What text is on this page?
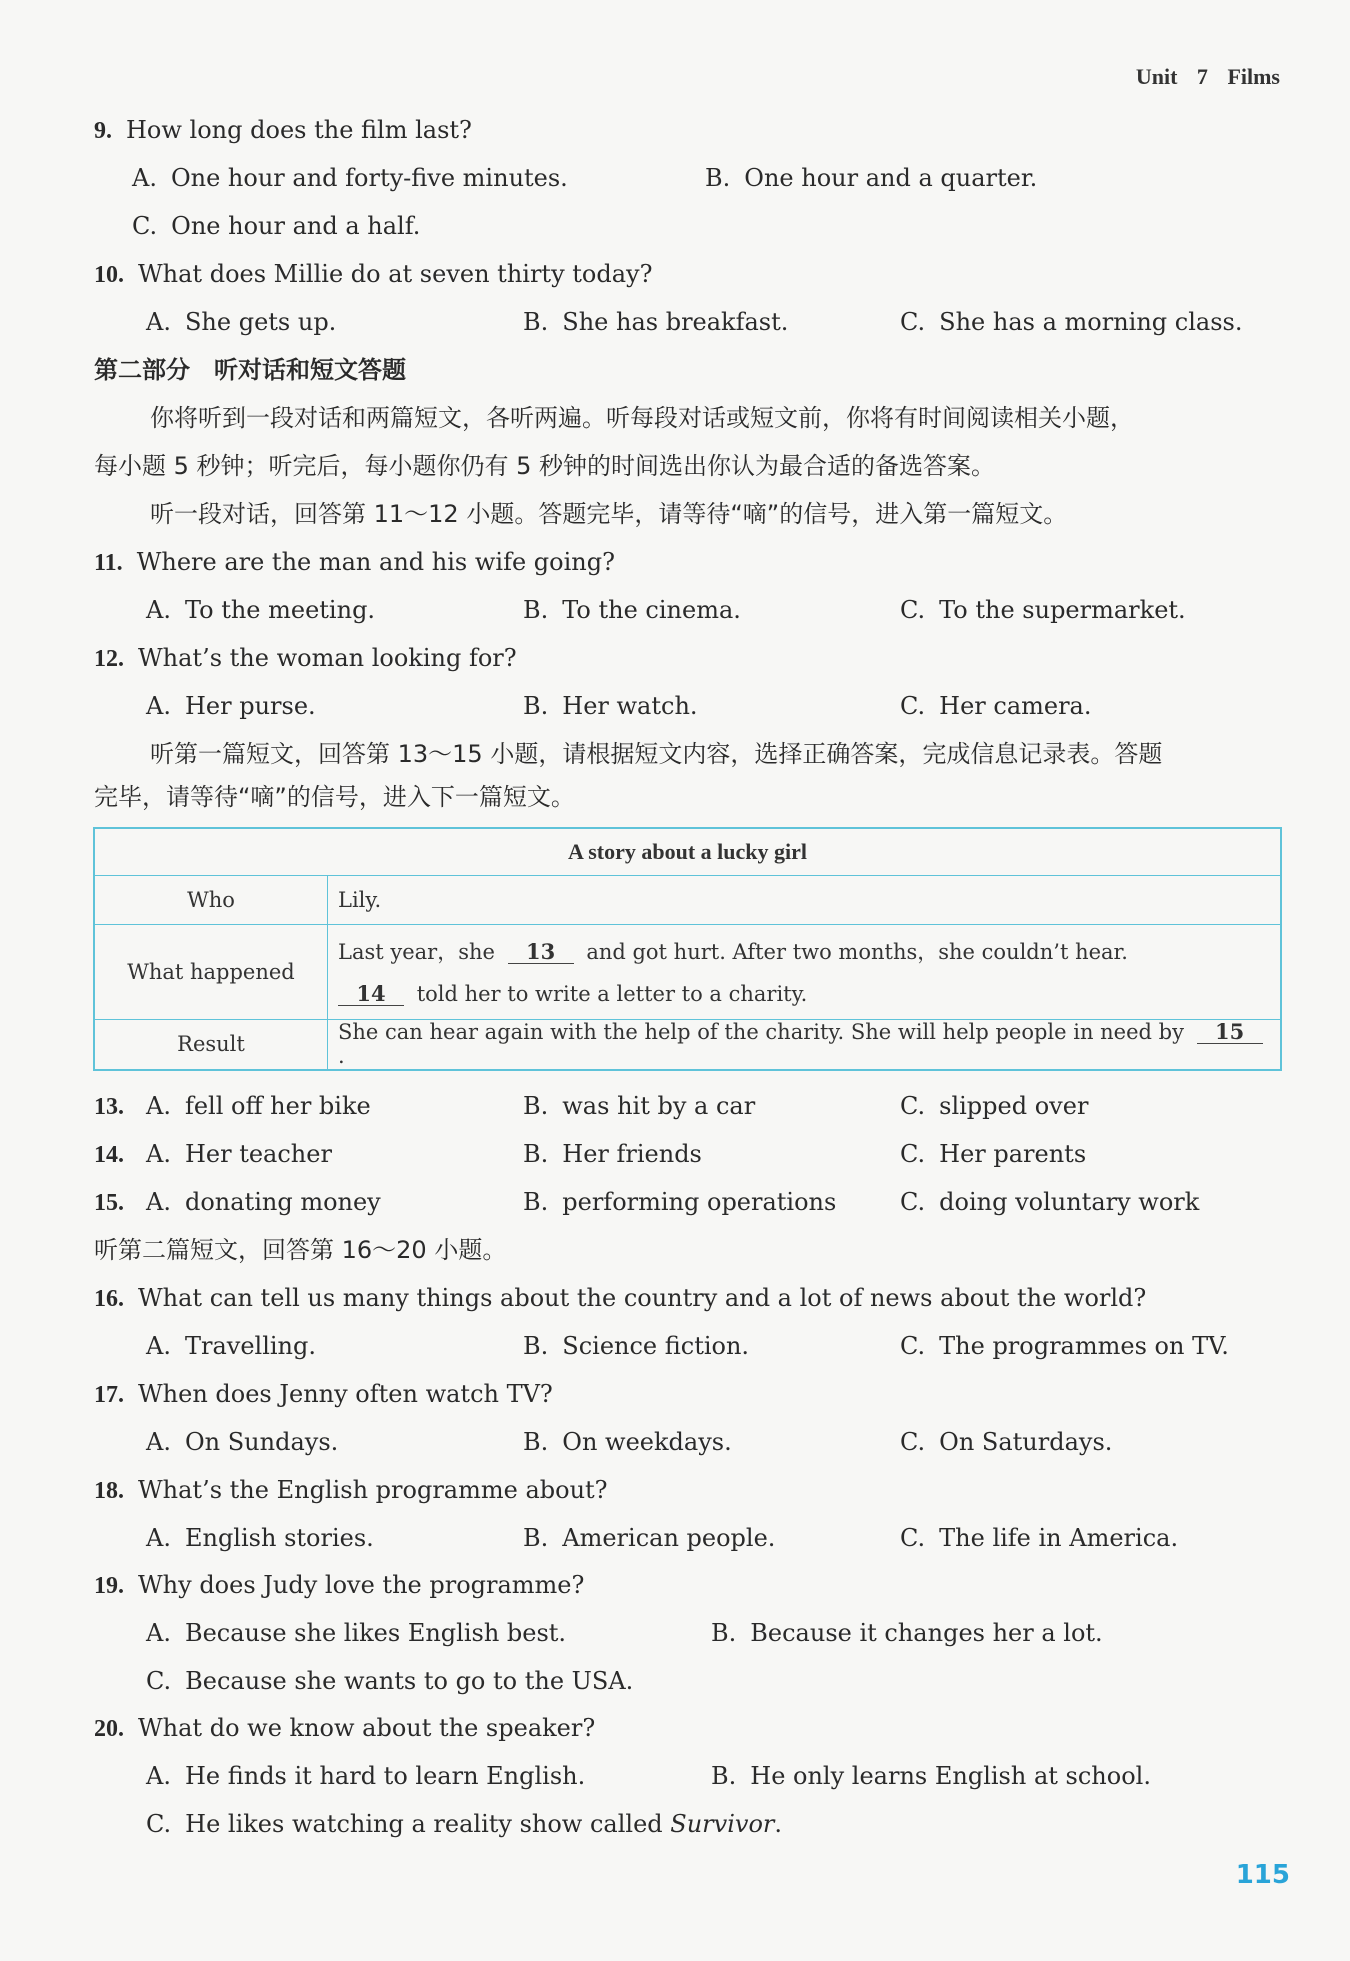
Unit 7 Films
9. How long does the film last?
A. One hour and forty-five minutes.	B. One hour and a quarter.
C. One hour and a half.
10. What does Millie do at seven thirty today?
A. She gets up.	B. She has breakfast.	C. She has a morning class.
第二部分　听对话和短文答题
你将听到一段对话和两篇短文，各听两遍。听每段对话或短文前，你将有时间阅读相关小题，
每小题 5 秒钟；听完后，每小题你仍有 5 秒钟的时间选出你认为最合适的备选答案。
听一段对话，回答第 11～12 小题。答题完毕，请等待“嘀”的信号，进入第一篇短文。
11. Where are the man and his wife going?
A. To the meeting.	B. To the cinema.	C. To the supermarket.
12. What’s the woman looking for?
A. Her purse.	B. Her watch.	C. Her camera.
听第一篇短文，回答第 13～15 小题，请根据短文内容，选择正确答案，完成信息记录表。答题
完毕，请等待“嘀”的信号，进入下一篇短文。
A story about a lucky girl	
Who	Lily.
What happened	Last year，she 13 and got hurt. After two months，she couldn’t hear.
14 told her to write a letter to a charity.

Result	She can hear again with the help of the charity. She will help people in need by 15.
13. A. fell off her bike	B. was hit by a car	C. slipped over
14. A. Her teacher	B. Her friends	C. Her parents
15. A. donating money	B. performing operations	C. doing voluntary work
听第二篇短文，回答第 16～20 小题。
16. What can tell us many things about the country and a lot of news about the world?
A. Travelling.	B. Science fiction.	C. The programmes on TV.
17. When does Jenny often watch TV?
A. On Sundays.	B. On weekdays.	C. On Saturdays.
18. What’s the English programme about?
A. English stories.	B. American people.	C. The life in America.
19. Why does Judy love the programme?
A. Because she likes English best.	B. Because it changes her a lot.
C. Because she wants to go to the USA.
20. What do we know about the speaker?
A. He finds it hard to learn English.	B. He only learns English at school.
C. He likes watching a reality show called Survivor.
115
